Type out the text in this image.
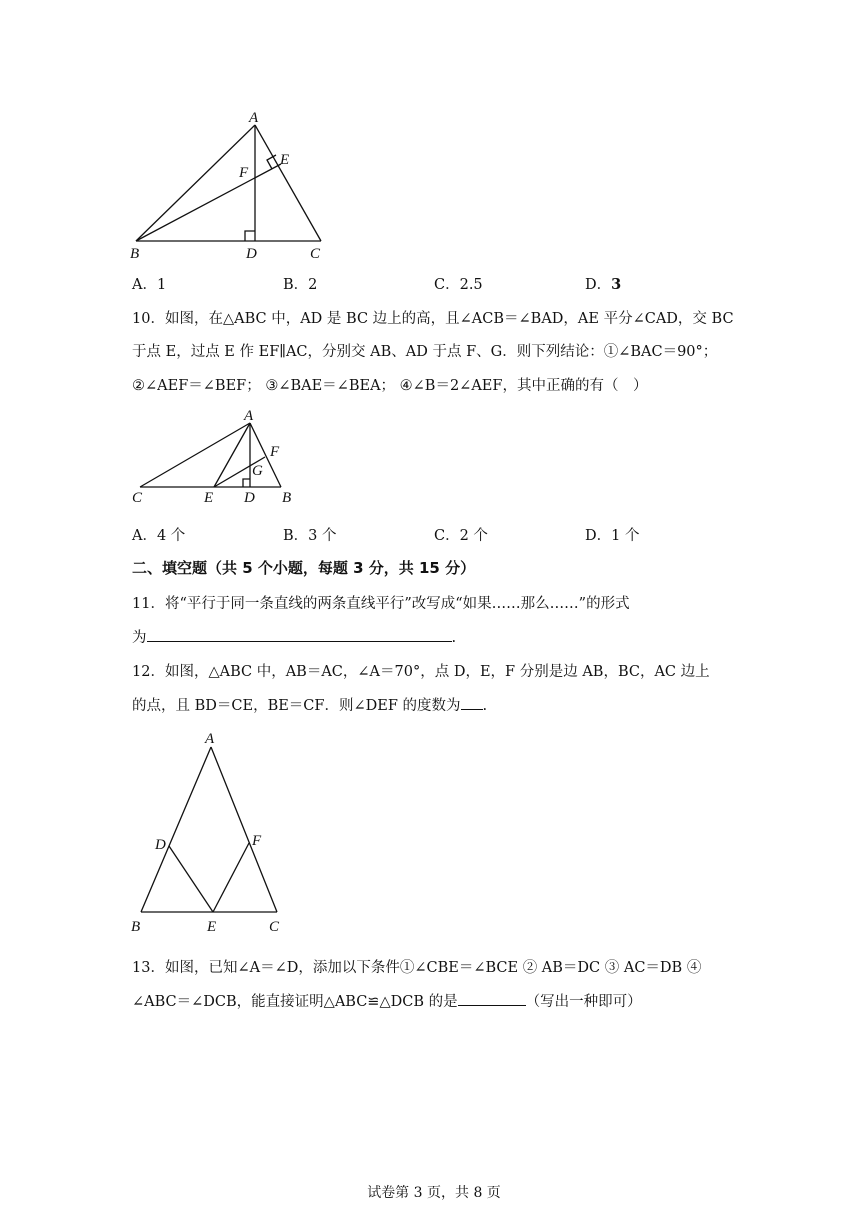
A
E
F
B	D	C
A．1	B．2	C．2.5	D．3
10．如图，在△ABC 中，AD 是 BC 边上的高，且∠ACB＝∠BAD，AE 平分∠CAD，交 BC
于点 E，过点 E 作 EF∥AC，分别交 AB、AD 于点 F、G．则下列结论：①∠BAC＝90°；
②∠AEF＝∠BEF； ③∠BAE＝∠BEA； ④∠B＝2∠AEF，其中正确的有（　）
A
F
G
C	E D B
A．4 个	B．3 个	C．2 个	D．1 个
二、填空题（共 5 个小题，每题 3 分，共 15 分）
11．将“平行于同一条直线的两条直线平行”改写成“如果……那么……”的形式
为	.
12．如图，△ABC 中，AB＝AC，∠A＝70°，点 D，E，F 分别是边 AB，BC，AC 边上
的点，且 BD＝CE，BE＝CF．则∠DEF 的度数为 .
A
D	F
B	E	C
13．如图，已知∠A＝∠D，添加以下条件①∠CBE＝∠BCE ② AB＝DC ③ AC＝DB ④
∠ABC＝∠DCB，能直接证明△ABC≌△DCB 的是	（写出一种即可）
试卷第 3 页，共 8 页
